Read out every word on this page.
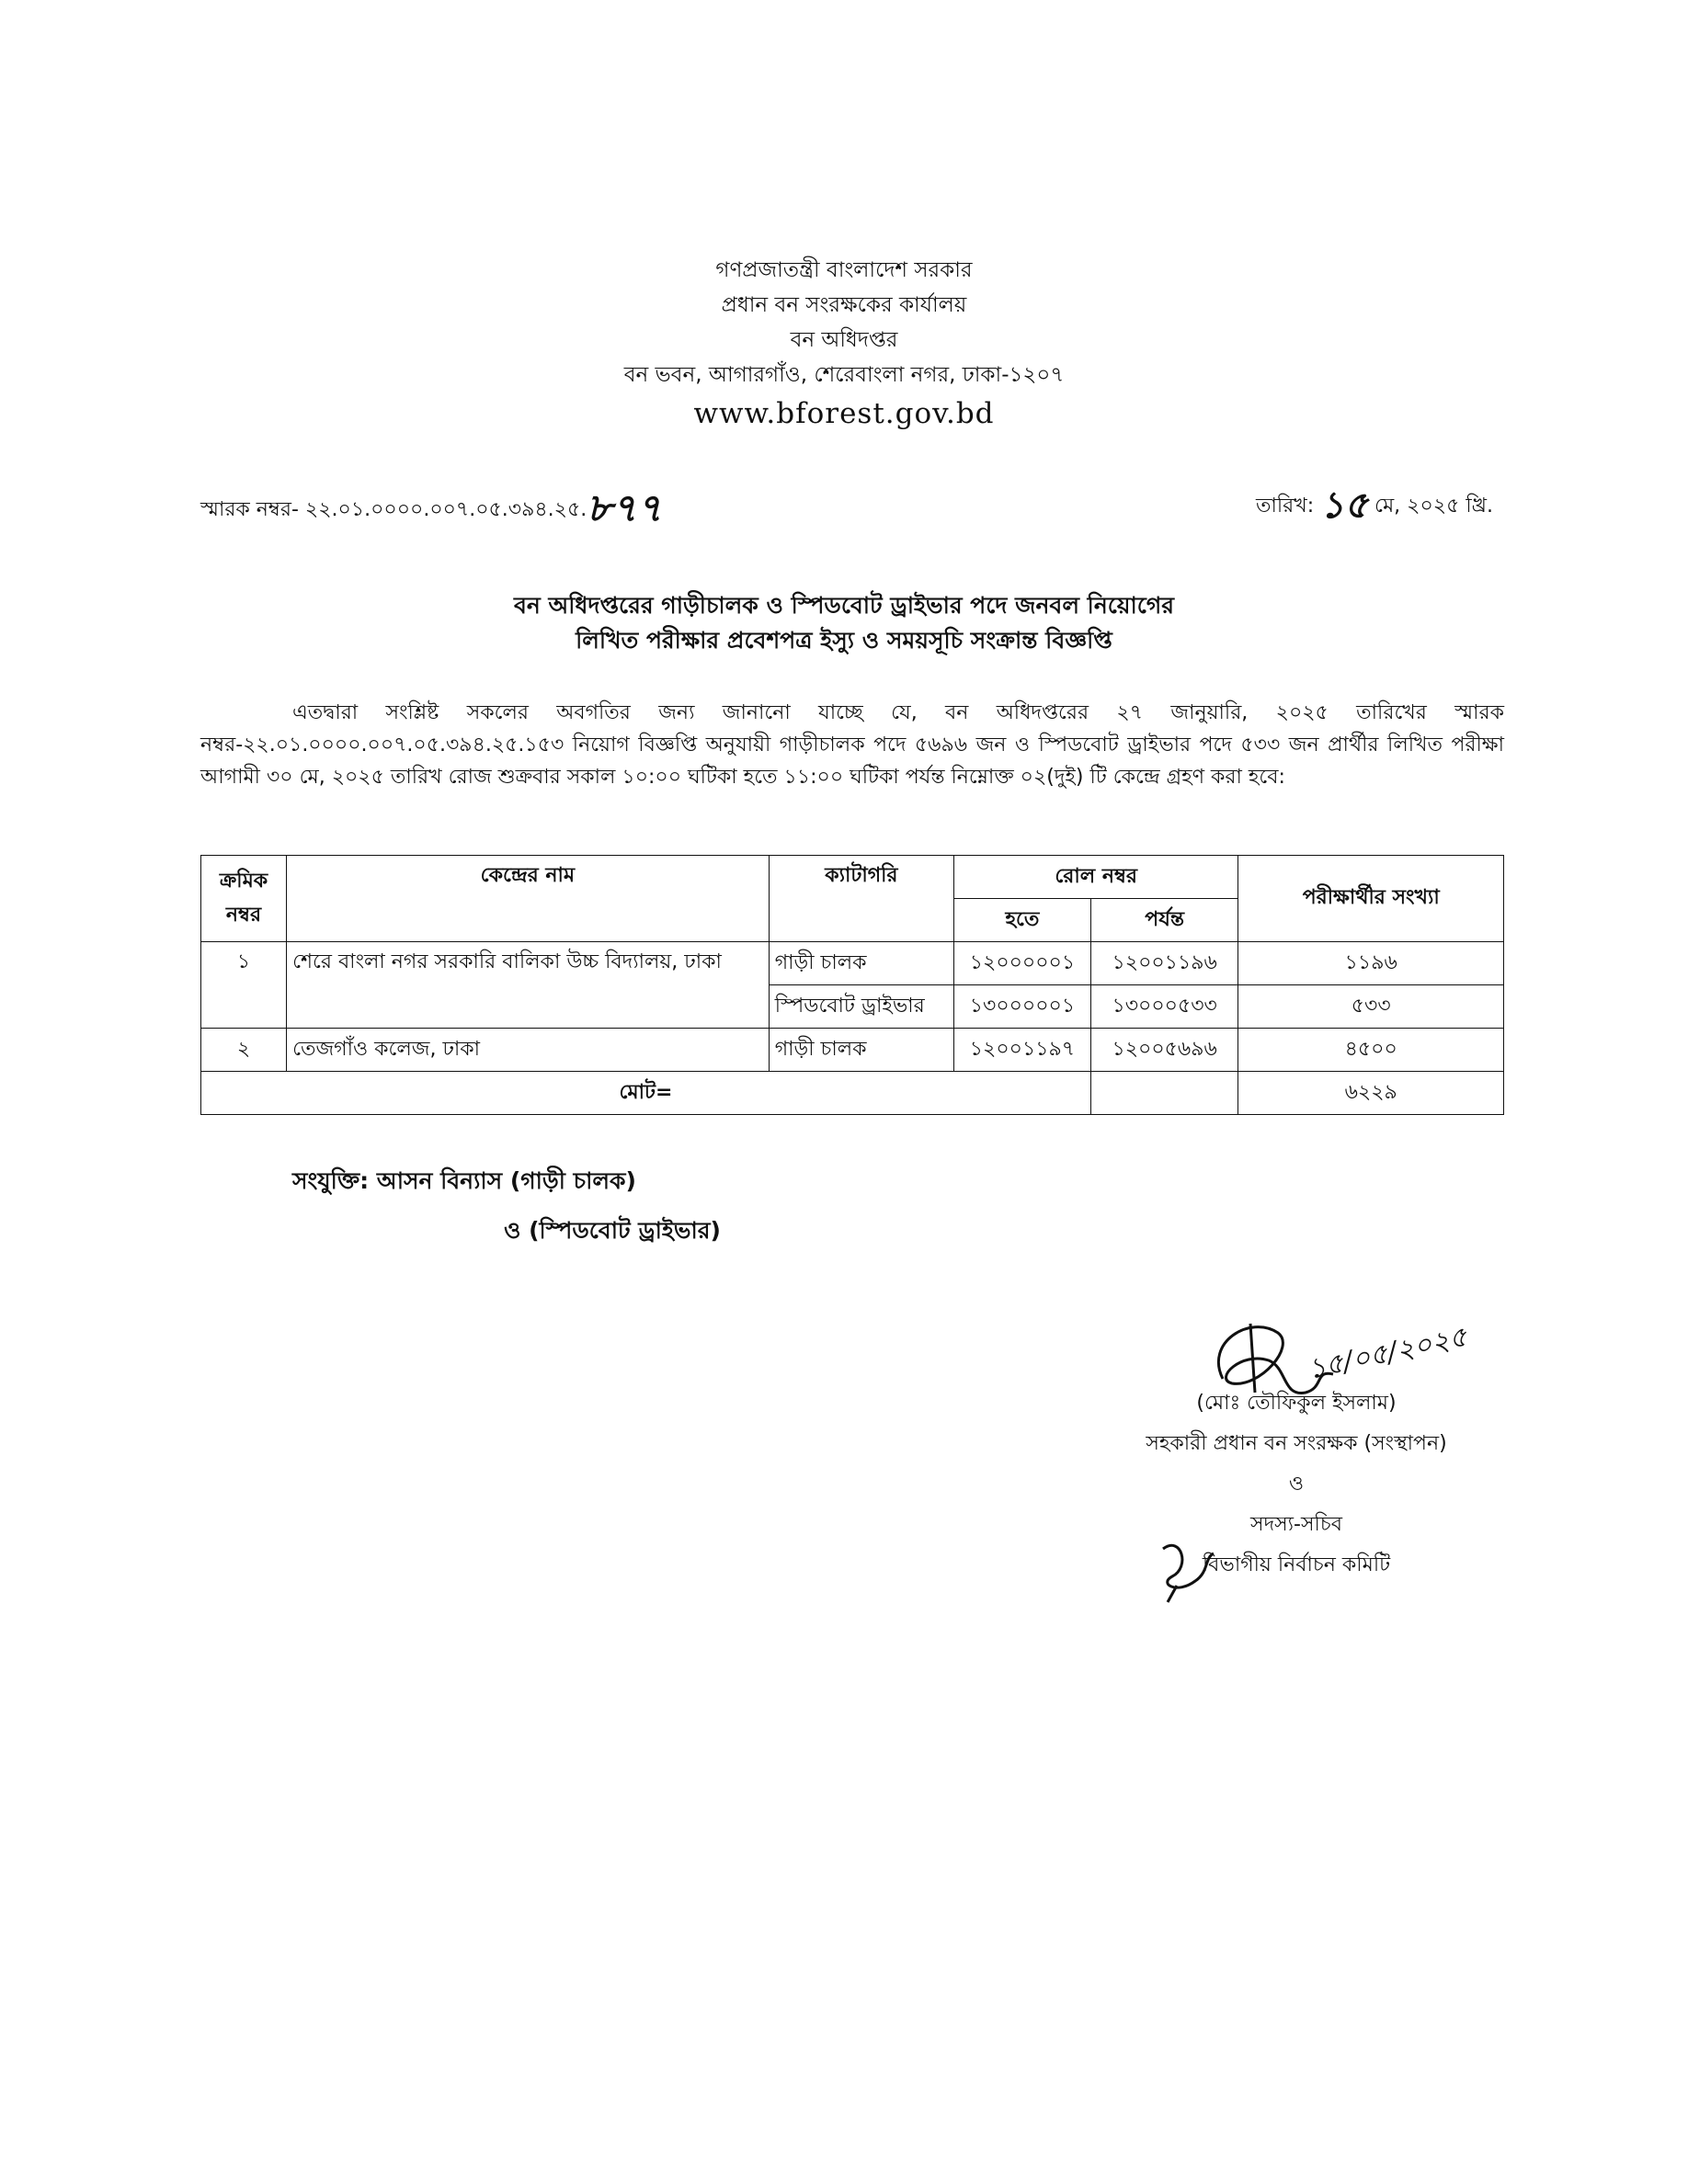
গণপ্রজাতন্ত্রী বাংলাদেশ সরকার
প্রধান বন সংরক্ষকের কার্যালয়
বন অধিদপ্তর
বন ভবন, আগারগাঁও, শেরেবাংলা নগর, ঢাকা-১২০৭
www.bforest.gov.bd
স্মারক নম্বর- ২২.০১.০০০০.০০৭.০৫.৩৯৪.২৫.৮৭৭	তারিখ: ১৫ মে, ২০২৫ খ্রি.
বন অধিদপ্তরের গাড়ীচালক ও স্পিডবোট ড্রাইভার পদে জনবল নিয়োগের
লিখিত পরীক্ষার প্রবেশপত্র ইস্যু ও সময়সূচি সংক্রান্ত বিজ্ঞপ্তি
এতদ্বারা সংশ্লিষ্ট সকলের অবগতির জন্য জানানো যাচ্ছে যে, বন অধিদপ্তরের ২৭ জানুয়ারি, ২০২৫ তারিখের স্মারক নম্বর-২২.০১.০০০০.০০৭.০৫.৩৯৪.২৫.১৫৩ নিয়োগ বিজ্ঞপ্তি অনুযায়ী গাড়ীচালক পদে ৫৬৯৬ জন ও স্পিডবোট ড্রাইভার পদে ৫৩৩ জন প্রার্থীর লিখিত পরীক্ষা আগামী ৩০ মে, ২০২৫ তারিখ রোজ শুক্রবার সকাল ১০:০০ ঘটিকা হতে ১১:০০ ঘটিকা পর্যন্ত নিম্নোক্ত ০২(দুই) টি কেন্দ্রে গ্রহণ করা হবে:
ক্রমিক নম্বর	কেন্দ্রের নাম	ক্যাটাগরি	রোল নম্বর		পরীক্ষার্থীর সংখ্যা
			হতে	পর্যন্ত	
১	শেরে বাংলা নগর সরকারি বালিকা উচ্চ বিদ্যালয়, ঢাকা	গাড়ী চালক	১২০০০০০১	১২০০১১৯৬	১১৯৬
		স্পিডবোট ড্রাইভার	১৩০০০০০১	১৩০০০৫৩৩	৫৩৩
২	তেজগাঁও কলেজ, ঢাকা	গাড়ী চালক	১২০০১১৯৭	১২০০৫৬৯৬	৪৫০০
মোট=					৬২২৯
সংযুক্তি: আসন বিন্যাস (গাড়ী চালক)
ও (স্পিডবোট ড্রাইভার)
১৫/০৫/২০২৫
(মোঃ তৌফিকুল ইসলাম)
সহকারী প্রধান বন সংরক্ষক (সংস্থাপন)
ও
সদস্য-সচিব
বিভাগীয় নির্বাচন কমিটি
